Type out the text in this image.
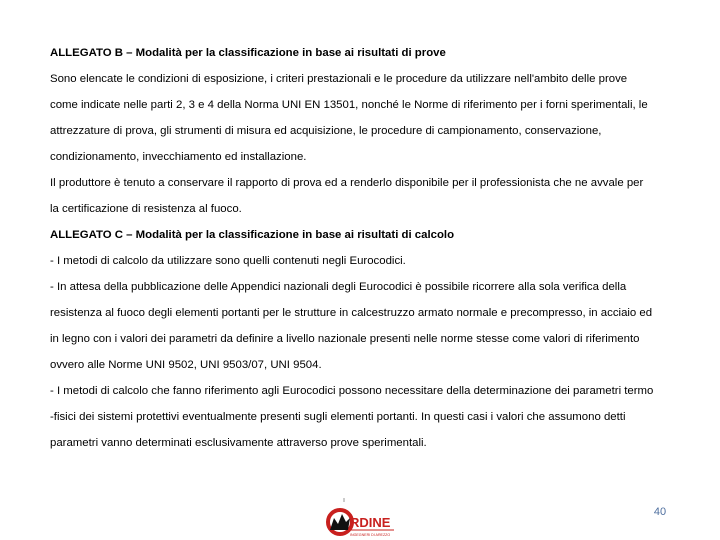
ALLEGATO B – Modalità per la classificazione in base ai risultati di prove
Sono elencate le condizioni di esposizione, i criteri prestazionali e le procedure da utilizzare nell'ambito delle prove
come indicate nelle parti 2, 3 e 4 della Norma UNI EN 13501, nonché le Norme di riferimento per i forni sperimentali, le
attrezzature di prova, gli strumenti di misura ed acquisizione, le procedure di campionamento, conservazione,
condizionamento, invecchiamento ed installazione.
Il produttore è tenuto a conservare il rapporto di prova ed a renderlo disponibile per il professionista che ne avvale per
la certificazione di resistenza al fuoco.
ALLEGATO C – Modalità per la classificazione in base ai risultati di calcolo
- I metodi di calcolo da utilizzare sono quelli contenuti negli Eurocodici.
- In attesa della pubblicazione delle Appendici nazionali degli Eurocodici è possibile ricorrere alla sola verifica della
resistenza al fuoco degli elementi portanti per le strutture in calcestruzzo armato normale e precompresso, in acciaio ed
in legno con i valori dei parametri da definire a livello nazionale presenti nelle norme stesse come valori di riferimento
ovvero alle Norme UNI 9502, UNI 9503/07, UNI 9504.
- I metodi di calcolo che fanno riferimento agli Eurocodici possono necessitare della determinazione dei parametri termo
-fisici dei sistemi protettivi eventualmente presenti sugli elementi portanti. In questi casi i valori che assumono detti
parametri vanno determinati esclusivamente attraverso prove sperimentali.
RDINE
INGEGNERI DI AREZZO
40
